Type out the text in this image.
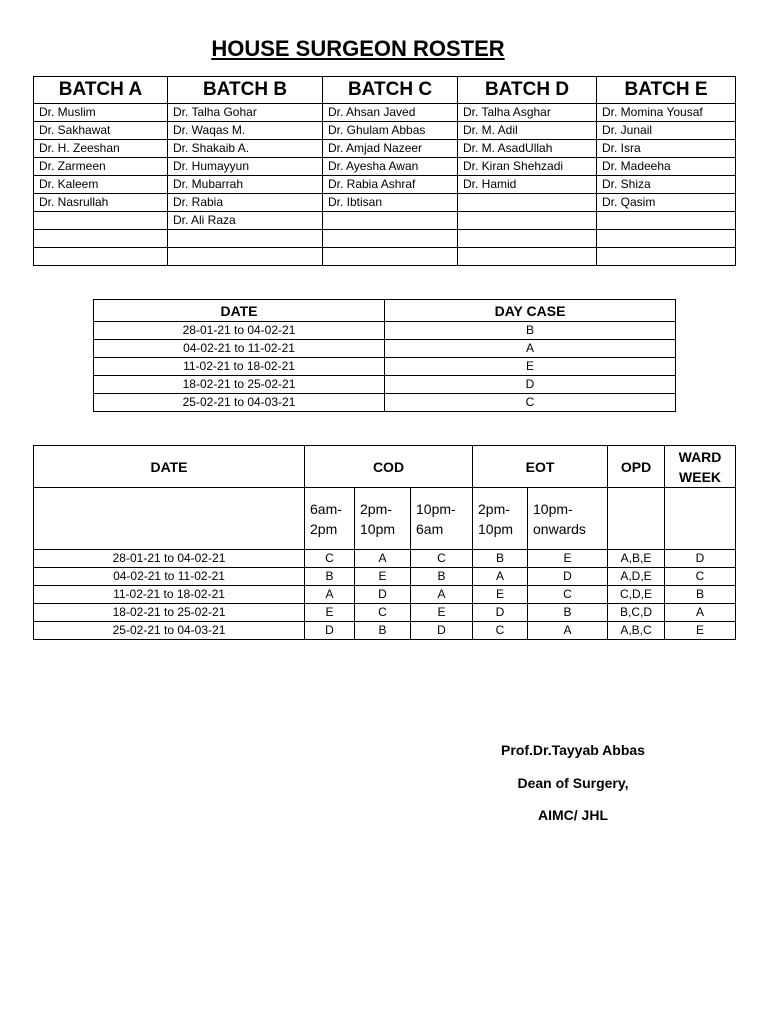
HOUSE SURGEON ROSTER
BATCH A	BATCH B	BATCH C	BATCH D	BATCH E
Dr. Muslim	Dr. Talha Gohar	Dr. Ahsan Javed	Dr. Talha Asghar	Dr. Momina Yousaf
Dr. Sakhawat	Dr. Waqas M.	Dr. Ghulam Abbas	Dr. M. Adil	Dr. Junail
Dr. H. Zeeshan	Dr. Shakaib A.	Dr. Amjad Nazeer	Dr. M. AsadUllah	Dr. Isra
Dr. Zarmeen	Dr. Humayyun	Dr. Ayesha Awan	Dr. Kiran Shehzadi	Dr. Madeeha
Dr. Kaleem	Dr. Mubarrah	Dr. Rabia Ashraf	Dr. Hamid	Dr. Shiza
Dr. Nasrullah	Dr. Rabia	Dr. Ibtisan		Dr. Qasim
	Dr. Ali Raza			

DATE	DAY CASE
28-01-21 to 04-02-21	B
04-02-21 to 11-02-21	A
11-02-21 to 18-02-21	E
18-02-21 to 25-02-21	D
25-02-21 to 04-03-21	C
DATE	COD			EOT		OPD	WARD WEEK
	6am-2pm	2pm-10pm	10pm-6am	2pm-10pm	10pm-onwards		
28-01-21 to 04-02-21	C	A	C	B	E	A,B,E	D
04-02-21 to 11-02-21	B	E	B	A	D	A,D,E	C
11-02-21 to 18-02-21	A	D	A	E	C	C,D,E	B
18-02-21 to 25-02-21	E	C	E	D	B	B,C,D	A
25-02-21 to 04-03-21	D	B	D	C	A	A,B,C	E
Prof.Dr.Tayyab Abbas
Dean of Surgery,
AIMC/ JHL
